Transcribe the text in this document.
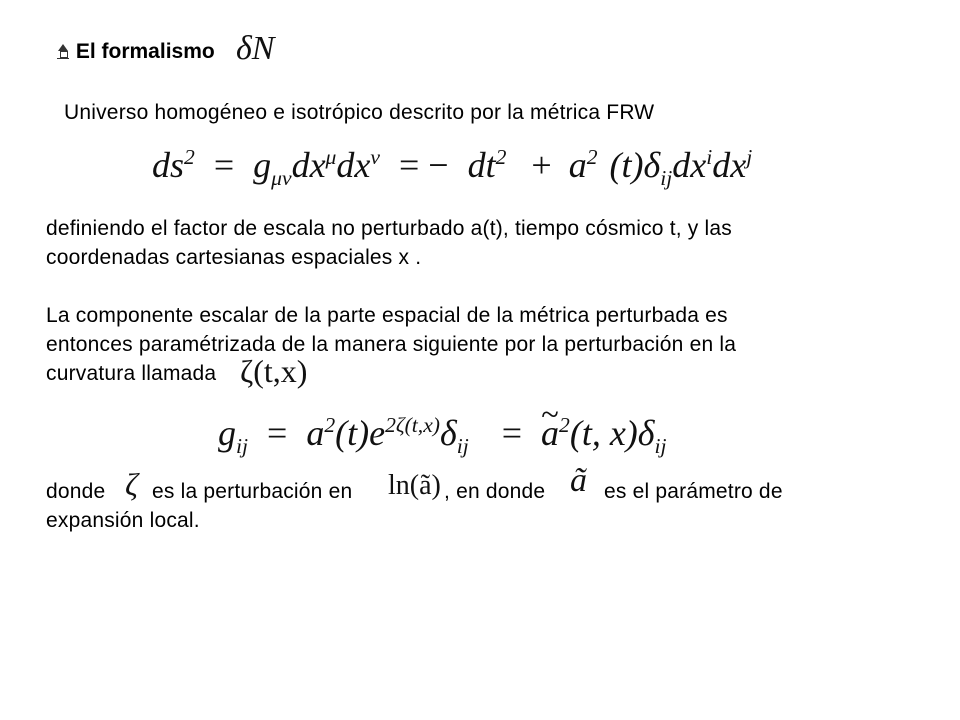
El formalismo δN
Universo homogéneo e isotrópico descrito por la métrica FRW
$ds^2 = g_{\mu\nu}dx^\mu dx^\nu$ = − $dt^2 + a^2$ $(t)\delta_{ij}dx^idx^j$
definiendo el factor de escala no perturbado a(t), tiempo cósmico t, y las
coordenadas cartesianas espaciales x .
La componente escalar de la parte espacial de la métrica perturbada es
entonces paramétrizada de la manera siguiente por la perturbación en la
curvatura llamada ζ(t,x)
$g_{ij} = a^2(t)e^{2\zeta(t,x)}\delta_{ij}$ = ~ $a^2(t$, $x)\delta_{ij}$
donde ζ es la perturbación en ln(ã) , en donde ã es el parámetro de
expansión local.
